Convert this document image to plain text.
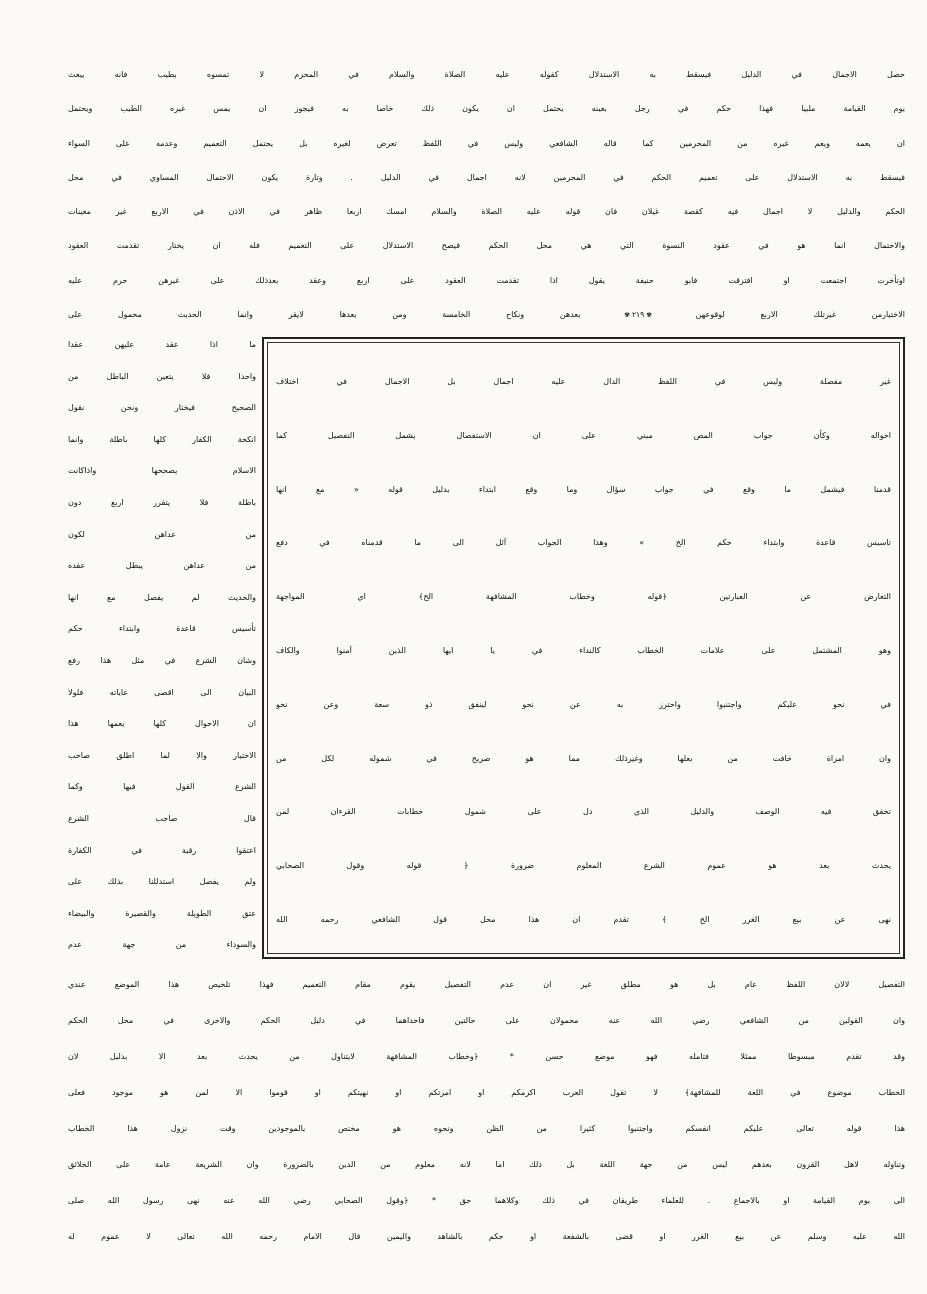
حصل الاجمال في الدليل فيسقط به الاستدلال كقوله عليه الصلاة والسلام في المحرم لا تمسوه بطيب فانه يبعث
يوم القيامة ملبيا فهذا حكم في رجل بعينه يحتمل ان يكون ذلك خاصا به فيجوز ان يمس غيره الطيب ويحتمل
ان يعمه ويعم غيره من المحرمين كما قاله الشافعي وليس في اللفظ تعرض لغيره بل يحتمل التعميم وعدمه على السواء
فيسقط به الاستدلال على تعميم الحكم في المحرمين لانه اجمال في الدليل . وتارة يكون الاحتمال المساوي في محل
الحكم والدليل لا اجمال فيه كقصة غيلان فان قوله عليه الصلاة والسلام امسك اربعا ظاهر في الاذن في الاربع غير معينات
والاحتمال انما هو في عقود النسوة التي هي محل الحكم فيصح الاستدلال على التعميم فله ان يختار تقدمت العقود
اوتأخرت اجتمعت او افترقت فابو حنيفة يقول اذا تقدمت العقود على اربع وعقد بعدذلك على غيرهن حرم عليه
الاختيارمن غيرتلك الاربع لوقوعهن ✾ ٢١٩✾ بعدهن ونكاح الخامسة ومن بعدها لايقر وانما الحديث محمول على
غير مفصلة وليس في اللفظ الدال عليه اجمال بل الاجمال في اختلاف
احواله وكأن جواب المص مبني على ان الاستفصال يشمل التفصيل كما
قدمنا فيشمل ما وقع في جواب سؤال وما وقع ابتداء بدليل قوله « مع انها
تاسيس قاعدة وابتداء حكم الخ » وهذا الجواب آئل الى ما قدمناه في دفع
التعارض عن العبارتين ﴿قوله وخطاب المشافهة الخ﴾ اي المواجهة
وهو المشتمل على علامات الخطاب كالنداء في يا ايها الذين آمنوا والكاف
في نحو عليكم واجتنبوا واحترز به عن نحو لينفق ذو سعة وعن نحو
وان امراة خافت من بعلها وغيرذلك مما هو صريح في شموله لكل من
تحقق فيه الوصف والدليل الذي دل على شمول خطابات القرءان لمن
يحدث بعد هو عموم الشرع المعلوم ضرورة ﴿ قوله وقول الصحابي
نهى عن بيع الغرر الخ ﴾ تقدم ان هذا محل قول الشافعي رحمه الله
ما اذا عقد عليهن عقدا
واحدا فلا يتعين الباطل من
الصحيح فيختار ونحن نقول
انكحة الكفار كلها باطلة وانما
الاسلام يصححها واذاكانت
باطلة فلا يتقرر اربع دون
من عداهن لكون
من عداهن يبطل عقده
والحديث لم يفصل مع انها
تأسيس قاعدة وابتداء حكم
وشان الشرع في مثل هذا رفع
البيان الى اقصى غاياته فلولا
ان الاحوال كلها يعمها هذا
الاختيار والا لما اطلق صاحب
الشرع القول فيها وكما
قال صاحب الشرع
اعتقوا رقبة في الكفارة
ولم يفصل استدللنا بذلك على
عتق الطويلة والقصيرة والبيضاء
والسوداء من جهة عدم
التفصيل لالان اللفظ عام بل هو مطلق غير ان عدم التفصيل يقوم مقام التعميم فهذا تلخيص هذا الموضع عندي
وان القولين من الشافعي رضي الله عنه محمولان على حالتين فاحداهما في دليل الحكم والاخرى في محل الحكم
وقد تقدم مبسوطا ممثلا فتامله فهو موضع حسن * ﴿وخطاب المشافهة لايتناول من يحدث بعد الا بدليل لان
الخطاب موضوع في اللغة للمشافهة﴾ لا تقول العرب اكرمكم او امرتكم او نهيتكم او قوموا الا لمن هو موجود فعلى
هذا قوله تعالى عليكم انفسكم واجتنبوا كثيرا من الظن ونحوه هو مختص بالموجودين وقت نزول هذا الخطاب
وتناوله لاهل القرون بعدهم ليس من جهة اللغة بل ذلك اما لانه معلوم من الدين بالضرورة وان الشريعة عامة على الخلائق
الى يوم القيامة او بالاجماع . للعلماء طريقان في ذلك وكلاهما حق * ﴿وقول الصحابي رضي الله عنه نهى رسول الله صلى
الله عليه وسلم عن بيع الغرر او قضى بالشفعة او حكم بالشاهد واليمين قال الامام رحمه الله تعالى لا عموم له
